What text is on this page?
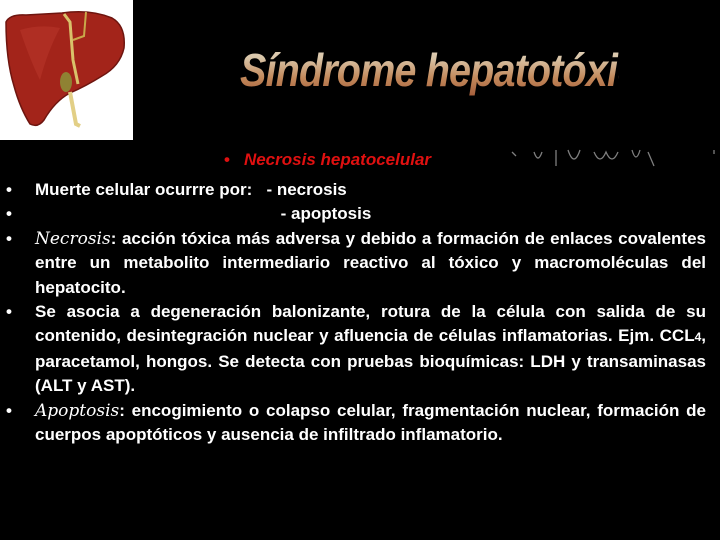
Síndrome hepatotóxico
• Necrosis hepatocelular
• Muerte celular ocurrre por:   - necrosis
• - apoptosis
• Necrosis: acción tóxica más adversa y debido a formación de enlaces covalentes entre un metabolito intermediario reactivo al tóxico y macromoléculas del hepatocito.
• Se asocia a degeneración balonizante, rotura de la célula con salida de su contenido, desintegración nuclear y afluencia de células inflamatorias. Ejm. CCL4, paracetamol, hongos. Se detecta con pruebas bioquímicas: LDH y transaminasas (ALT y AST).
• Apoptosis: encogimiento o colapso celular, fragmentación nuclear, formación de cuerpos apoptóticos y ausencia de infiltrado inflamatorio.
